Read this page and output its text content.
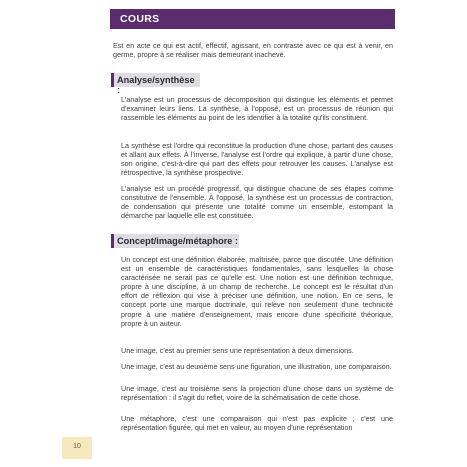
COURS

Est en acte ce qui est actif, effectif, agissant, en contraste avec ce qui est à venir, en germe, propre à se réaliser mais demeurant inachevé.

Analyse/synthèse :

L'analyse est un processus de décomposition qui distingue les éléments et permet d'examiner leurs liens. La synthèse, à l'opposé, est un processus de réunion qui rassemble les éléments au point de les identifier à la totalité qu'ils constituent.

La synthèse est l'ordre qui reconstitue la production d'une chose, partant des causes et allant aux effets. À l'inverse, l'analyse est l'ordre qui explique, à partir d'une chose, son origine, c'est-à-dire qui part des effets pour retrouver les causes. L'analyse est rétrospective, la synthèse prospective.

L'analyse est un procédé progressif, qui distingue chacune de ses étapes comme constitutive de l'ensemble. À l'opposé, la synthèse est un processus de contraction, de condensation qui présente une totalité comme un ensemble, estompant la démarche par laquelle elle est constituée.

Concept/image/métaphore :

Un concept est une définition élaborée, maîtrisée, parce que discutée. Une définition est un ensemble de caractéristiques fondamentales, sans lesquelles la chose caractérisée ne serait pas ce qu'elle est. Une notion est une définition technique, propre à une discipline, à un champ de recherche. Le concept est le résultat d'un effort de réflexion qui vise à préciser une définition, une notion. En ce sens, le concept porte une marque doctrinale, qui relève non seulement d'une technicité propre à une matière d'enseignement, mais encore d'une spécificité théorique, propre à un auteur.

Une image, c'est au premier sens une représentation à deux dimensions.

Une image, c'est au deuxième sens une figuration, une illustration, une comparaison.

Une image, c'est au troisième sens la projection d'une chose dans un système de représentation : il s'agit du reflet, voire de la schématisation de cette chose.

Une métaphore, c'est une comparaison qui n'est pas explicite ; c'est une représentation figurée, qui met en valeur, au moyen d'une représentation

10
